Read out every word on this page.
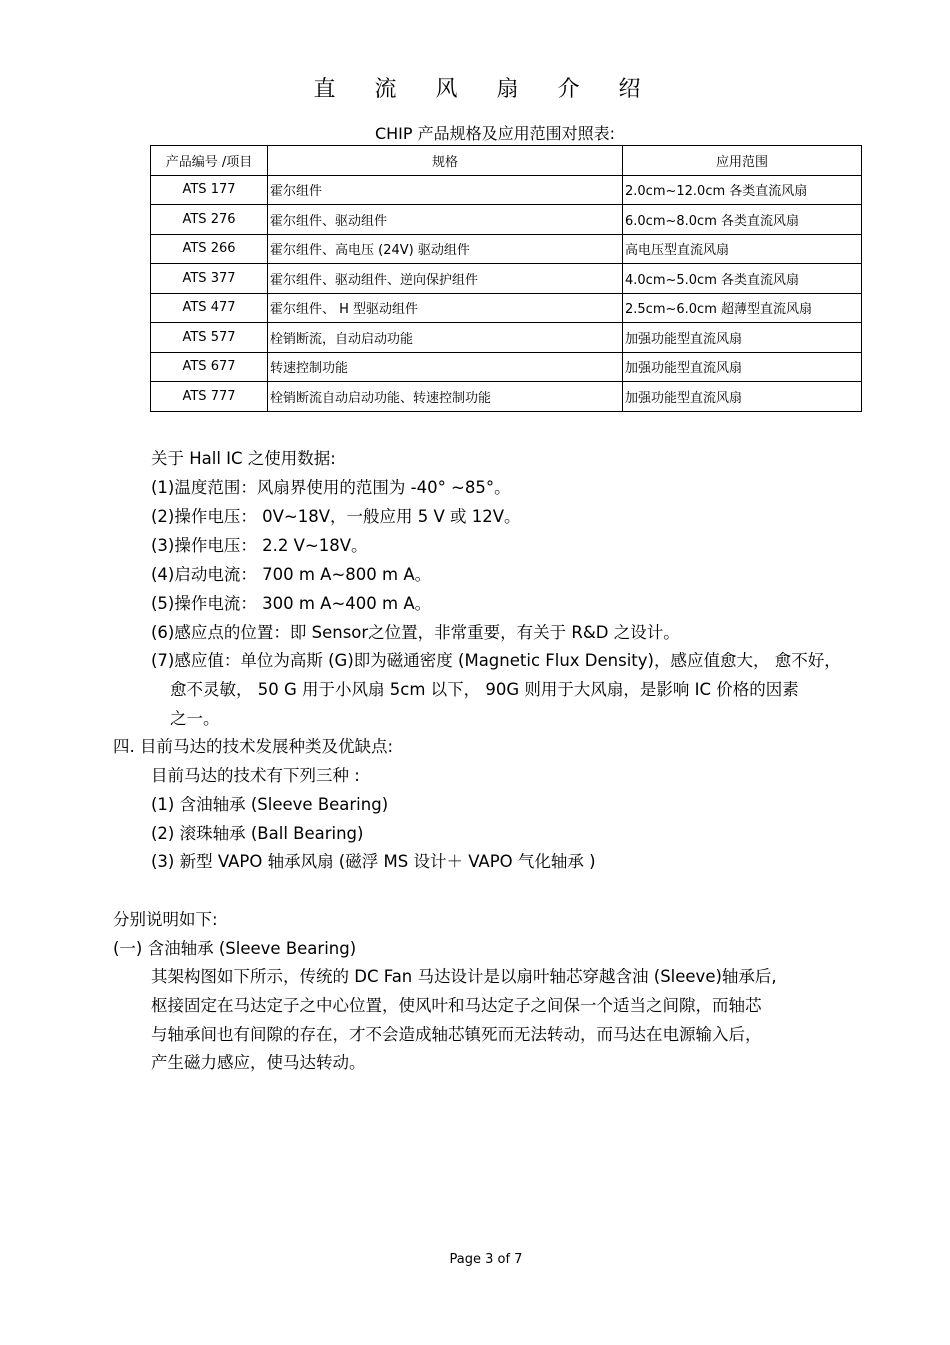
直 流 风 扇 介 绍
CHIP 产品规格及应用范围对照表:
产品编号 /项目	规格	应用范围
ATS 177	霍尔组件	2.0cm~12.0cm 各类直流风扇
ATS 276	霍尔组件、驱动组件	6.0cm~8.0cm 各类直流风扇
ATS 266	霍尔组件、高电压 (24V) 驱动组件	高电压型直流风扇
ATS 377	霍尔组件、驱动组件、逆向保护组件	4.0cm~5.0cm 各类直流风扇
ATS 477	霍尔组件、 H 型驱动组件	2.5cm~6.0cm 超薄型直流风扇
ATS 577	栓销断流，自动启动功能	加强功能型直流风扇
ATS 677	转速控制功能	加强功能型直流风扇
ATS 777	栓销断流自动启动功能、转速控制功能	加强功能型直流风扇
关于 Hall IC 之使用数据:
(1)温度范围：风扇界使用的范围为 -40° ~85°。
(2)操作电压： 0V~18V，一般应用 5 V 或 12V。
(3)操作电压： 2.2 V~18V。
(4)启动电流： 700 m A~800 m A。
(5)操作电流： 300 m A~400 m A。
(6)感应点的位置：即 Sensor之位置，非常重要，有关于 R&D 之设计。
(7)感应值：单位为高斯 (G)即为磁通密度 (Magnetic Flux Density)，感应值愈大， 愈不好，
愈不灵敏， 50 G 用于小风扇 5cm 以下， 90G 则用于大风扇，是影响 IC 价格的因素
之一。
四. 目前马达的技术发展种类及优缺点:
目前马达的技术有下列三种 :
(1) 含油轴承 (Sleeve Bearing)
(2) 滚珠轴承 (Ball Bearing)
(3) 新型 VAPO 轴承风扇 (磁浮 MS 设计＋ VAPO 气化轴承 )
分别说明如下:
(一) 含油轴承 (Sleeve Bearing)
其架构图如下所示，传统的 DC Fan 马达设计是以扇叶轴芯穿越含油 (Sleeve)轴承后,
枢接固定在马达定子之中心位置，使风叶和马达定子之间保一个适当之间隙，而轴芯
与轴承间也有间隙的存在，才不会造成轴芯镇死而无法转动，而马达在电源输入后，
产生磁力感应，使马达转动。
Page 3 of 7
